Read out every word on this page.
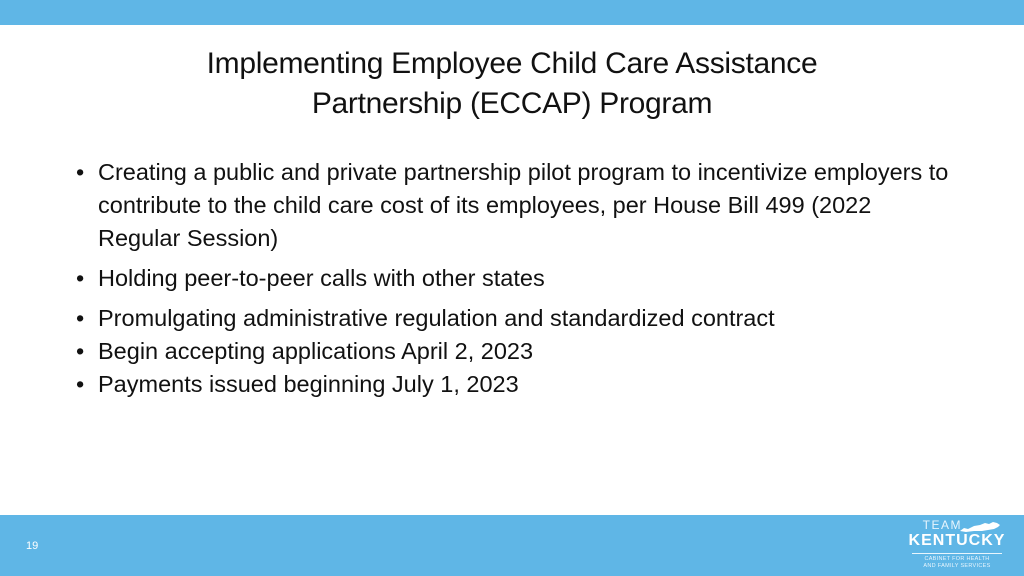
Implementing Employee Child Care Assistance
Partnership (ECCAP) Program
• Creating a public and private partnership pilot program to incentivize employers to contribute to the child care cost of its employees, per House Bill 499 (2022 Regular Session)
• Holding peer-to-peer calls with other states
• Promulgating administrative regulation and standardized contract
• Begin accepting applications April 2, 2023
• Payments issued beginning July 1, 2023
19
TEAM
KENTUCKY
CABINET FOR HEALTH
AND FAMILY SERVICES
